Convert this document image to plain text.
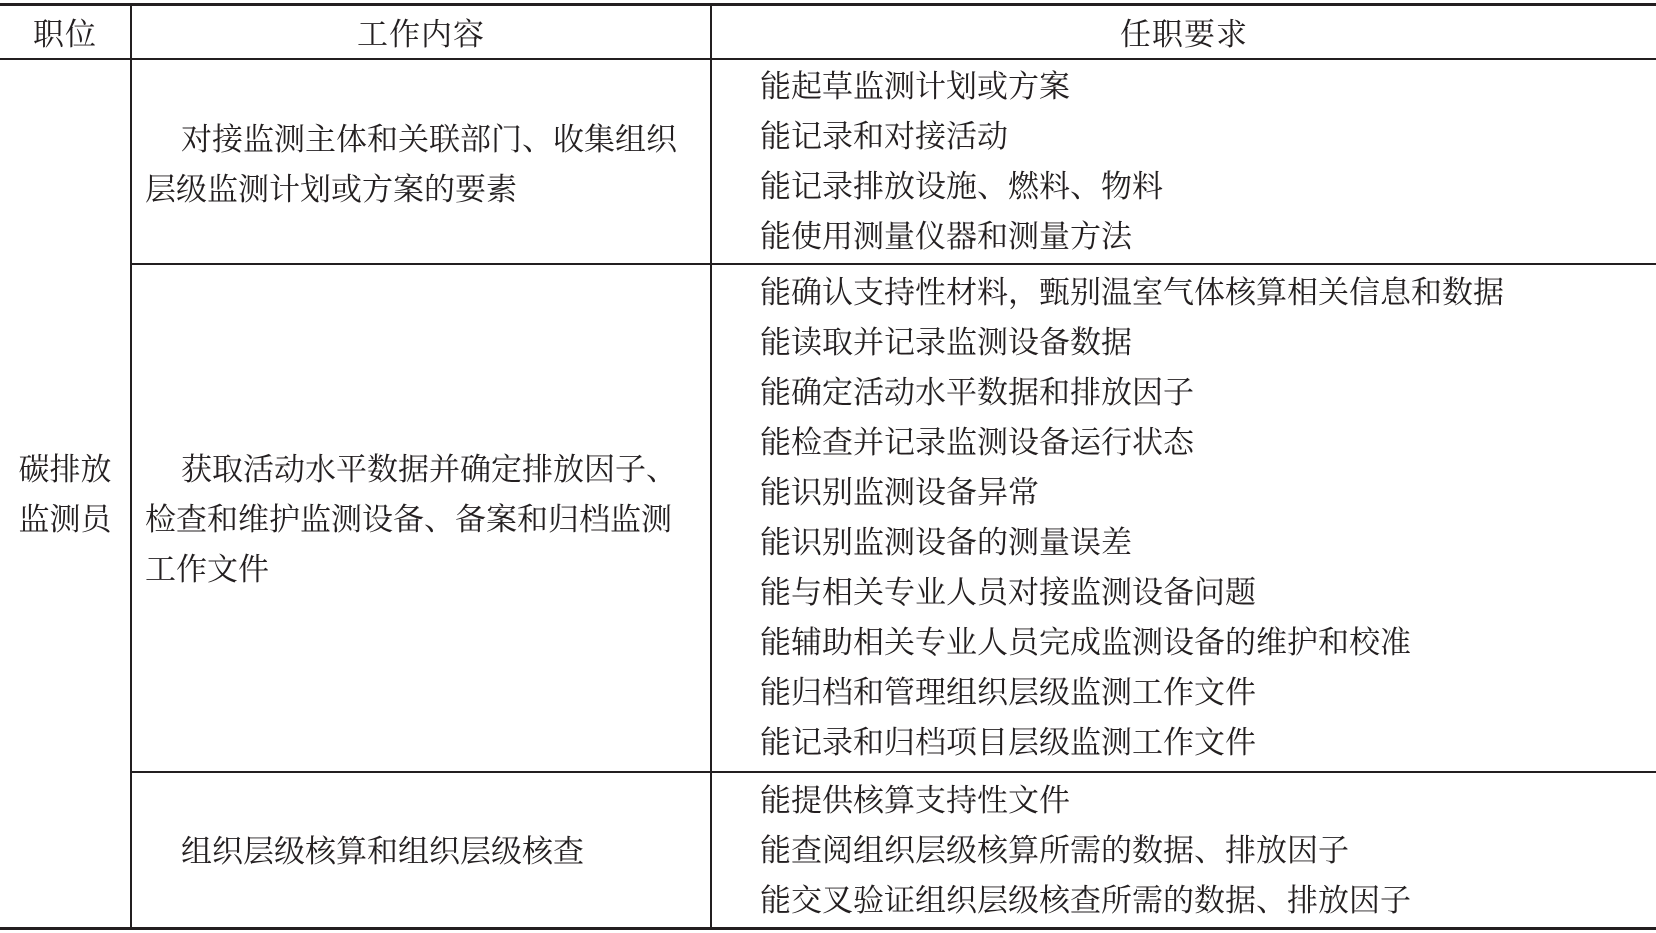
职位	工作内容	任职要求
碳排放
监测员

对接监测主体和关联部门、收集组织层级监测计划或方案的要素

能起草监测计划或方案
能记录和对接活动
能记录排放设施、燃料、物料
能使用测量仪器和测量方法

获取活动水平数据并确定排放因子、检查和维护监测设备、备案和归档监测工作文件

能确认支持性材料，甄别温室气体核算相关信息和数据
能读取并记录监测设备数据
能确定活动水平数据和排放因子
能检查并记录监测设备运行状态
能识别监测设备异常
能识别监测设备的测量误差
能与相关专业人员对接监测设备问题
能辅助相关专业人员完成监测设备的维护和校准
能归档和管理组织层级监测工作文件
能记录和归档项目层级监测工作文件

组织层级核算和组织层级核查

能提供核算支持性文件
能查阅组织层级核算所需的数据、排放因子
能交叉验证组织层级核查所需的数据、排放因子
